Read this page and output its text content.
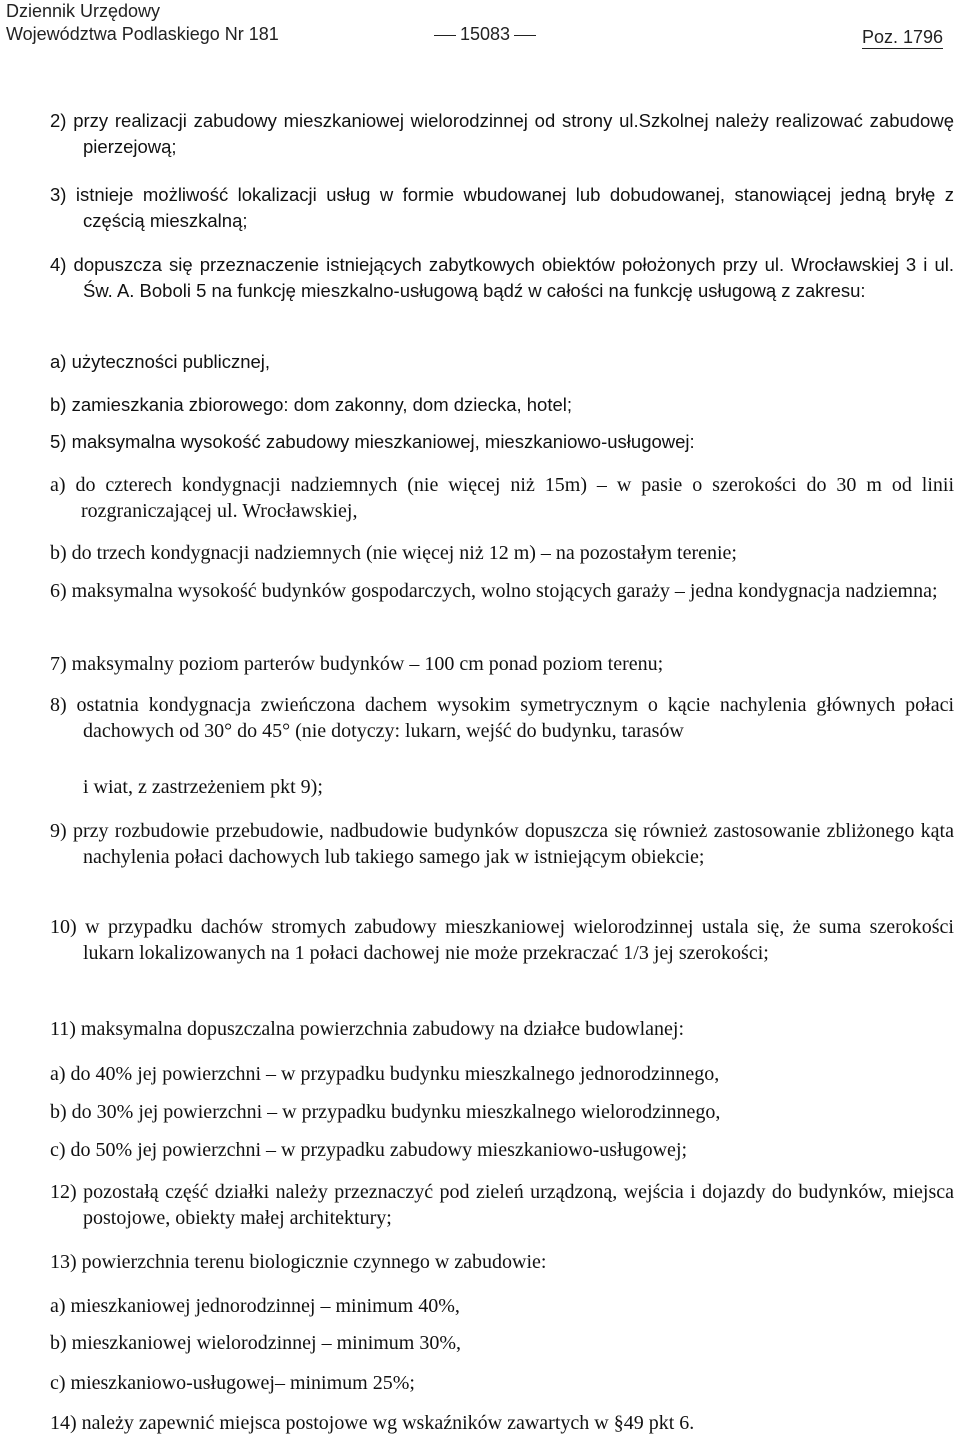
Dziennik Urzędowy
Województwa Podlaskiego Nr 181	15083	Poz. 1796

2) przy realizacji zabudowy mieszkaniowej wielorodzinnej od strony ul.Szkolnej należy realizować zabudowę pierzejową;

3) istnieje możliwość lokalizacji usług w formie wbudowanej lub dobudowanej, stanowiącej jedną bryłę z częścią mieszkalną;

4) dopuszcza się przeznaczenie istniejących zabytkowych obiektów położonych przy ul. Wrocławskiej 3 i ul. Św. A. Boboli 5 na funkcję mieszkalno-usługową bądź w całości na funkcję usługową z zakresu:

a) użyteczności publicznej,

b) zamieszkania zbiorowego: dom zakonny, dom dziecka, hotel;

5) maksymalna wysokość zabudowy mieszkaniowej, mieszkaniowo-usługowej:

a) do czterech kondygnacji nadziemnych (nie więcej niż 15m) – w pasie o szerokości do 30 m od linii rozgraniczającej ul. Wrocławskiej,

b) do trzech kondygnacji nadziemnych (nie więcej niż 12 m) – na pozostałym terenie;

6) maksymalna wysokość budynków gospodarczych, wolno stojących garaży – jedna kondygnacja nadziemna;

7) maksymalny poziom parterów budynków – 100 cm ponad poziom terenu;

8) ostatnia kondygnacja zwieńczona dachem wysokim symetrycznym o kącie nachylenia głównych połaci dachowych od 30° do 45° (nie dotyczy: lukarn, wejść do budynku, tarasów

i wiat, z zastrzeżeniem pkt 9);

9) przy rozbudowie przebudowie, nadbudowie budynków dopuszcza się również zastosowanie zbliżonego kąta nachylenia połaci dachowych lub takiego samego jak w istniejącym obiekcie;

10) w przypadku dachów stromych zabudowy mieszkaniowej wielorodzinnej ustala się, że suma szerokości lukarn lokalizowanych na 1 połaci dachowej nie może przekraczać 1/3 jej szerokości;

11) maksymalna dopuszczalna powierzchnia zabudowy na działce budowlanej:

a) do 40% jej powierzchni – w przypadku budynku mieszkalnego jednorodzinnego,

b) do 30% jej powierzchni – w przypadku budynku mieszkalnego wielorodzinnego,

c) do 50% jej powierzchni – w przypadku zabudowy mieszkaniowo-usługowej;

12) pozostałą część działki należy przeznaczyć pod zieleń urządzoną, wejścia i dojazdy do budynków, miejsca postojowe, obiekty małej architektury;

13) powierzchnia terenu biologicznie czynnego w zabudowie:

a) mieszkaniowej jednorodzinnej – minimum 40%,

b) mieszkaniowej wielorodzinnej – minimum 30%,

c) mieszkaniowo-usługowej– minimum 25%;

14) należy zapewnić miejsca postojowe wg wskaźników zawartych w §49 pkt 6.
